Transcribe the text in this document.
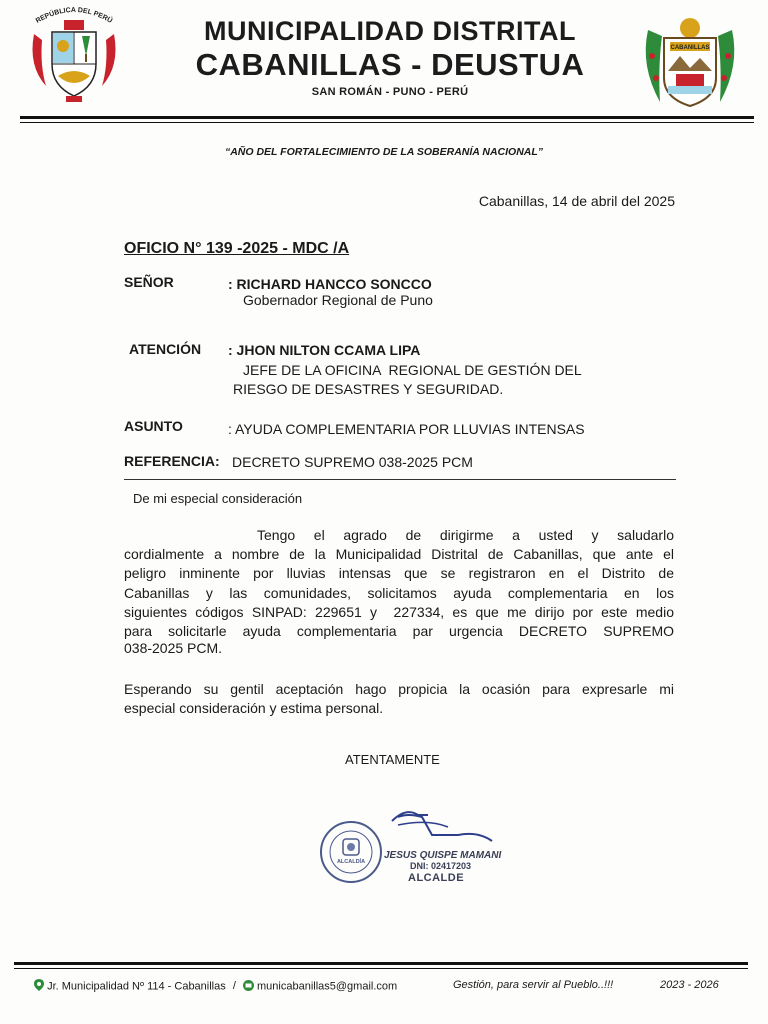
REPÚBLICA DEL PERÚ
CABANILLAS
MUNICIPALIDAD DISTRITAL
CABANILLAS - DEUSTUA
SAN ROMÁN - PUNO - PERÚ
“AÑO DEL FORTALECIMIENTO DE LA SOBERANÍA NACIONAL”
Cabanillas, 14 de abril del 2025
OFICIO N° 139 -2025 - MDC /A
SEÑOR	: RICHARD HANCCO SONCCO
Gobernador Regional de Puno
ATENCIÓN : JHON NILTON CCAMA LIPA
JEFE DE LA OFICINA  REGIONAL DE GESTIÓN DEL
RIESGO DE DESASTRES Y SEGURIDAD.
ASUNTO	: AYUDA COMPLEMENTARIA POR LLUVIAS INTENSAS
REFERENCIA: DECRETO SUPREMO 038-2025 PCM
De mi especial consideración
Tengo el agrado de dirigirme a usted y saludarlo
cordialmente a nombre de la Municipalidad Distrital de Cabanillas, que ante el
peligro inminente por lluvias intensas que se registraron en el Distrito de
Cabanillas y las comunidades, solicitamos ayuda complementaria en los
siguientes códigos SINPAD: 229651 y  227334, es que me dirijo por este medio
para solicitarle ayuda complementaria par urgencia DECRETO SUPREMO
038-2025 PCM.
Esperando su gentil aceptación hago propicia la ocasión para expresarle mi
especial consideración y estima personal.
ATENTAMENTE
ALCALDÍA
JESUS QUISPE MAMANI
DNI: 02417203
ALCALDE
Jr. Municipalidad Nº 114 - Cabanillas / municabanillas5@gmail.com	Gestión, para servir al Pueblo..!!!	2023 - 2026
